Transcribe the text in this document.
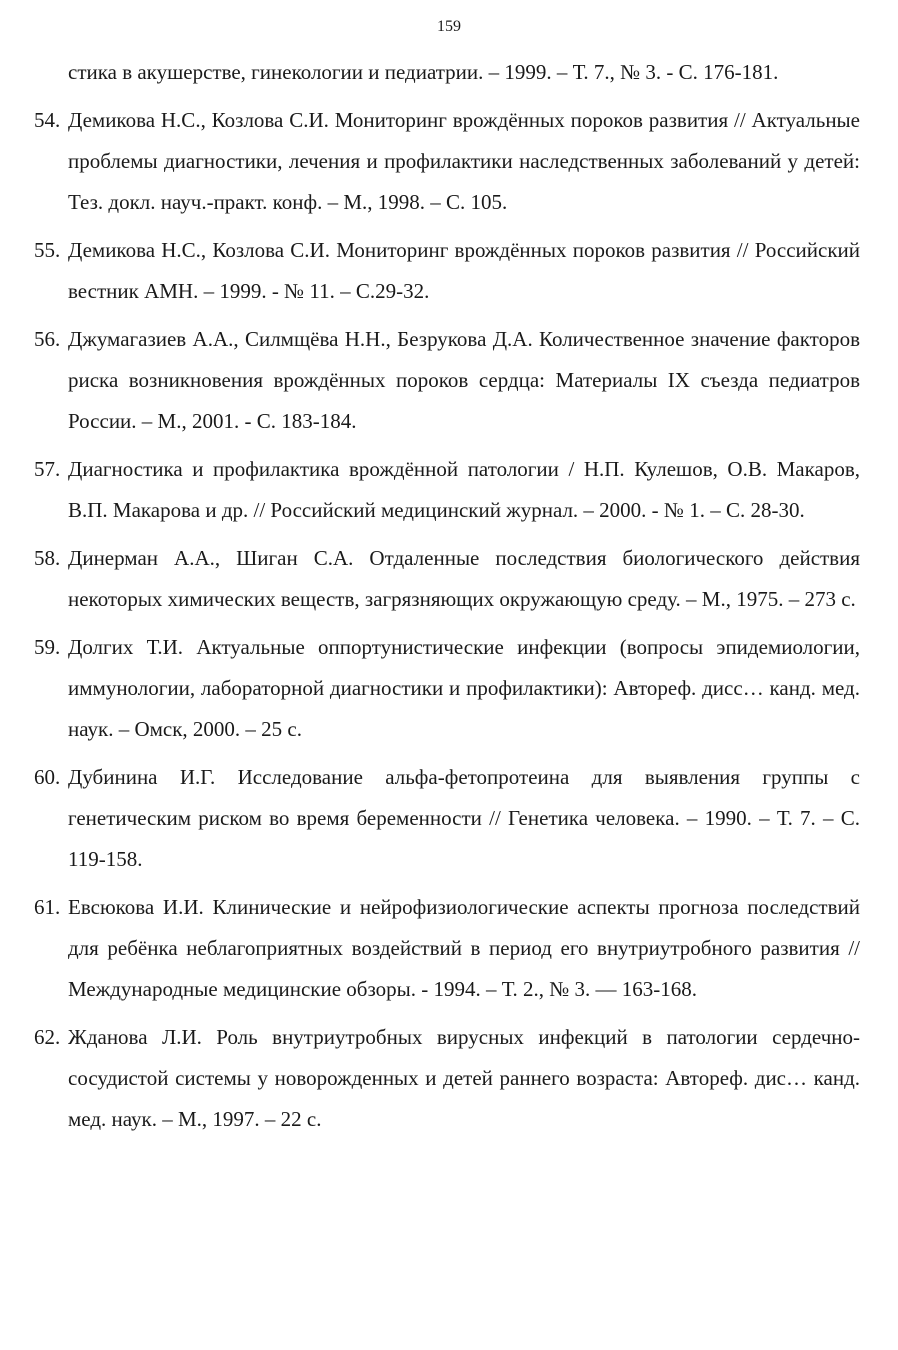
159
стика в акушерстве, гинекологии и педиатрии. – 1999. – Т. 7., № 3. - С. 176-181.
54. Демикова Н.С., Козлова С.И. Мониторинг врождённых пороков развития // Актуальные проблемы диагностики, лечения и профилактики наследственных заболеваний у детей: Тез. докл. науч.-практ. конф. – М., 1998. – С. 105.
55. Демикова Н.С., Козлова С.И. Мониторинг врождённых пороков развития // Российский вестник АМН. – 1999. - № 11. – С.29-32.
56. Джумагазиев А.А., Силмщёва Н.Н., Безрукова Д.А. Количественное значение факторов риска возникновения врождённых пороков сердца: Материалы IX съезда педиатров России. – М., 2001. - С. 183-184.
57. Диагностика и профилактика врождённой патологии / Н.П. Кулешов, О.В. Макаров, В.П. Макарова и др. // Российский медицинский журнал. – 2000. - № 1. – С. 28-30.
58. Динерман А.А., Шиган С.А. Отдаленные последствия биологического действия некоторых химических веществ, загрязняющих окружающую среду. – М., 1975. – 273 с.
59. Долгих Т.И. Актуальные оппортунистические инфекции (вопросы эпидемиологии, иммунологии, лабораторной диагностики и профилактики): Автореф. дисс… канд. мед. наук. – Омск, 2000. – 25 с.
60. Дубинина И.Г. Исследование альфа-фетопротеина для выявления группы с генетическим риском во время беременности // Генетика человека. – 1990. – Т. 7. – С. 119-158.
61. Евсюкова И.И. Клинические и нейрофизиологические аспекты прогноза последствий для ребёнка неблагоприятных воздействий в период его внутриутробного развития // Международные медицинские обзоры. - 1994. – Т. 2., № 3. — 163-168.
62. Жданова Л.И. Роль внутриутробных вирусных инфекций в патологии сердечно-сосудистой системы у новорожденных и детей раннего возраста: Автореф. дис… канд. мед. наук. – М., 1997. – 22 с.
